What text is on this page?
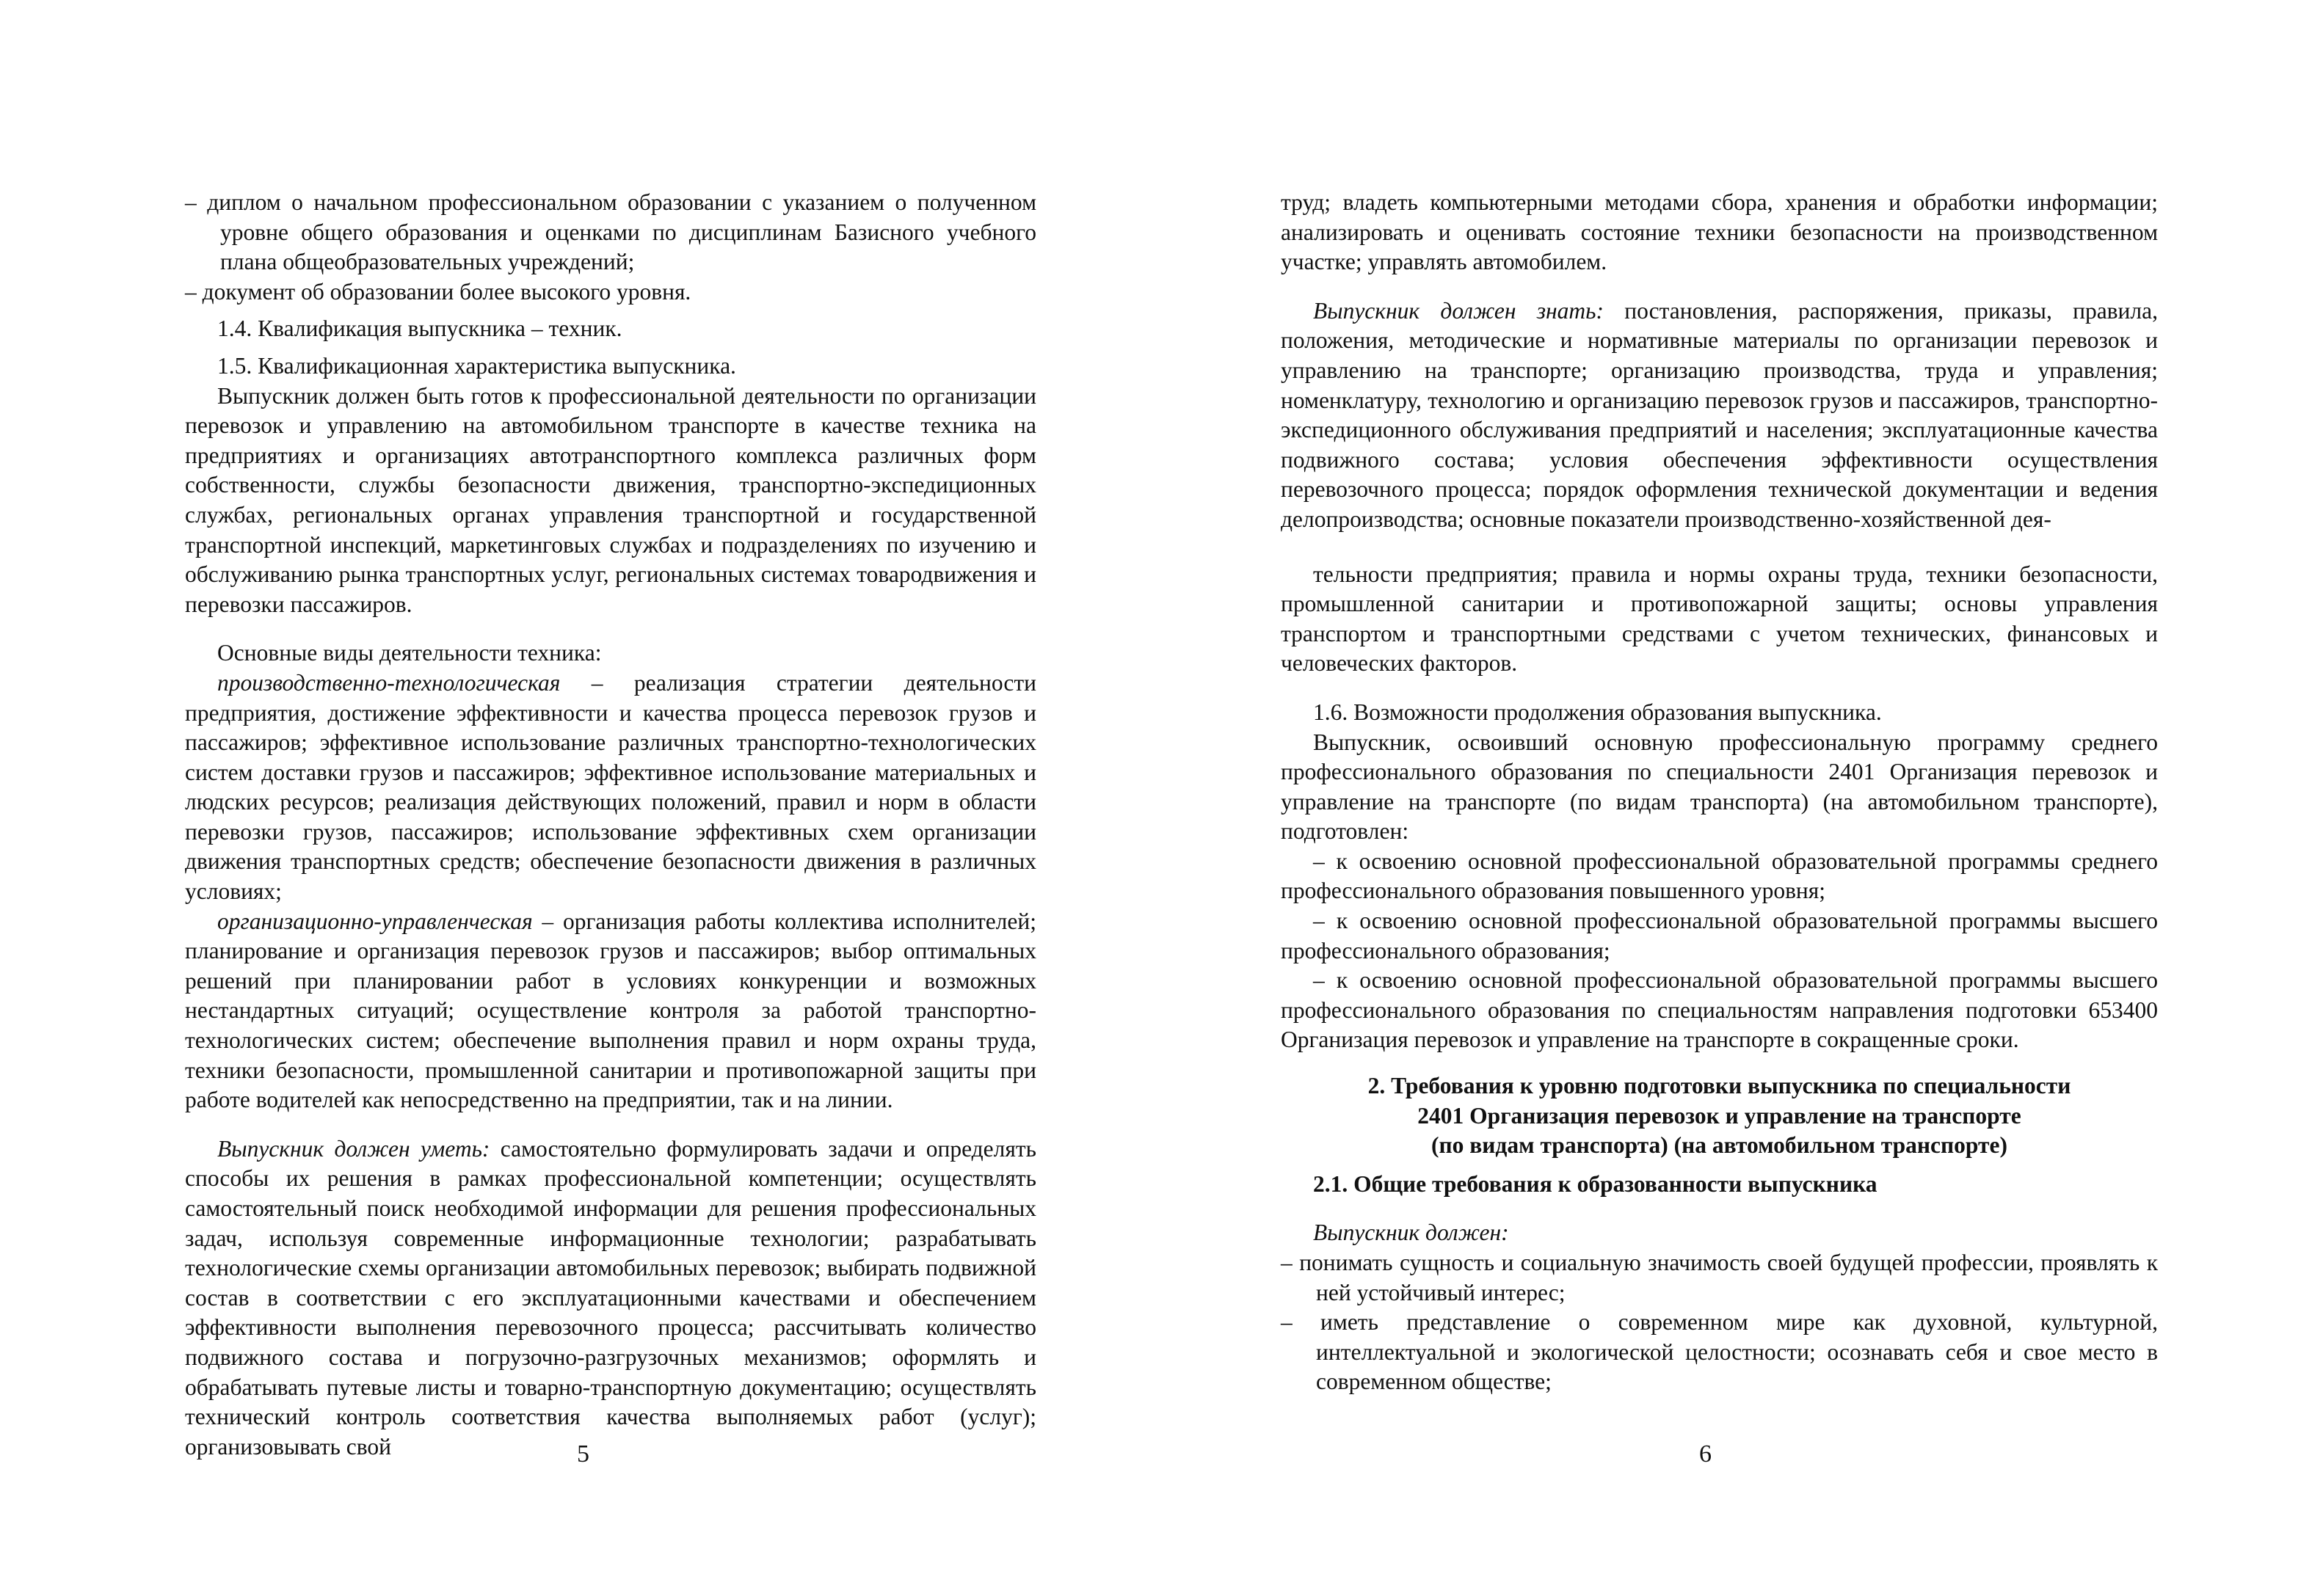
– диплом о начальном профессиональном образовании с указанием о полученном уровне общего образования и оценками по дисциплинам Базисного учебного плана общеобразовательных учреждений;

– документ об образовании более высокого уровня.

1.4. Квалификация выпускника – техник.

1.5. Квалификационная характеристика выпускника.

Выпускник должен быть готов к профессиональной деятельности по организации перевозок и управлению на автомобильном транспорте в качестве техника на предприятиях и организациях автотранспортного комплекса различных форм собственности, службы безопасности движения, транспортно-экспедиционных службах, региональных органах управления транспортной и государственной транспортной инспекций, маркетинговых службах и подразделениях по изучению и обслуживанию рынка транспортных услуг, региональных системах товародвижения и перевозки пассажиров.

Основные виды деятельности техника:

производственно-технологическая – реализация стратегии деятельности предприятия, достижение эффективности и качества процесса перевозок грузов и пассажиров; эффективное использование различных транспортно-технологических систем доставки грузов и пассажиров; эффективное использование материальных и людских ресурсов; реализация действующих положений, правил и норм в области перевозки грузов, пассажиров; использование эффективных схем организации движения транспортных средств; обеспечение безопасности движения в различных условиях;

организационно-управленческая – организация работы коллектива исполнителей; планирование и организация перевозок грузов и пассажиров; выбор оптимальных решений при планировании работ в условиях конкуренции и возможных нестандартных ситуаций; осуществление контроля за работой транспортно-технологических систем; обеспечение выполнения правил и норм охраны труда, техники безопасности, промышленной санитарии и противопожарной защиты при работе водителей как непосредственно на предприятии, так и на линии.

Выпускник должен уметь: самостоятельно формулировать задачи и определять способы их решения в рамках профессиональной компетенции; осуществлять самостоятельный поиск необходимой информации для решения профессиональных задач, используя современные информационные технологии; разрабатывать технологические схемы организации автомобильных перевозок; выбирать подвижной состав в соответствии с его эксплуатационными качествами и обеспечением эффективности выполнения перевозочного процесса; рассчитывать количество подвижного состава и погрузочно-разгрузочных механизмов; оформлять и обрабатывать путевые листы и товарно-транспортную документацию; осуществлять технический контроль соответствия качества выполняемых работ (услуг); организовывать свой	5

труд; владеть компьютерными методами сбора, хранения и обработки информации; анализировать и оценивать состояние техники безопасности на производственном участке; управлять автомобилем.

Выпускник должен знать: постановления, распоряжения, приказы, правила, положения, методические и нормативные материалы по организации перевозок и управлению на транспорте; организацию производства, труда и управления; номенклатуру, технологию и организацию перевозок грузов и пассажиров, транспортно-экспедиционного обслуживания предприятий и населения; эксплуатационные качества подвижного состава; условия обеспечения эффективности осуществления перевозочного процесса; порядок оформления технической документации и ведения делопроизводства; основные показатели производственно-хозяйственной дея-

тельности предприятия; правила и нормы охраны труда, техники безопасности, промышленной санитарии и противопожарной защиты; основы управления транспортом и транспортными средствами с учетом технических, финансовых и человеческих факторов.

1.6. Возможности продолжения образования выпускника.

Выпускник, освоивший основную профессиональную программу среднего профессионального образования по специальности 2401 Организация перевозок и управление на транспорте (по видам транспорта) (на автомобильном транспорте), подготовлен:

– к освоению основной профессиональной образовательной программы среднего профессионального образования повышенного уровня;

– к освоению основной профессиональной образовательной программы высшего профессионального образования;

– к освоению основной профессиональной образовательной программы высшего профессионального образования по специальностям направления подготовки 653400 Организация перевозок и управление на транспорте в сокращенные сроки.

2. Требования к уровню подготовки выпускника по специальности
2401 Организация перевозок и управление на транспорте
(по видам транспорта) (на автомобильном транспорте)

2.1. Общие требования к образованности выпускника

Выпускник должен:

– понимать сущность и социальную значимость своей будущей профессии, проявлять к ней устойчивый интерес;

– иметь представление о современном мире как духовной, культурной, интеллектуальной и экологической целостности; осознавать себя и свое место в современном обществе;

6
